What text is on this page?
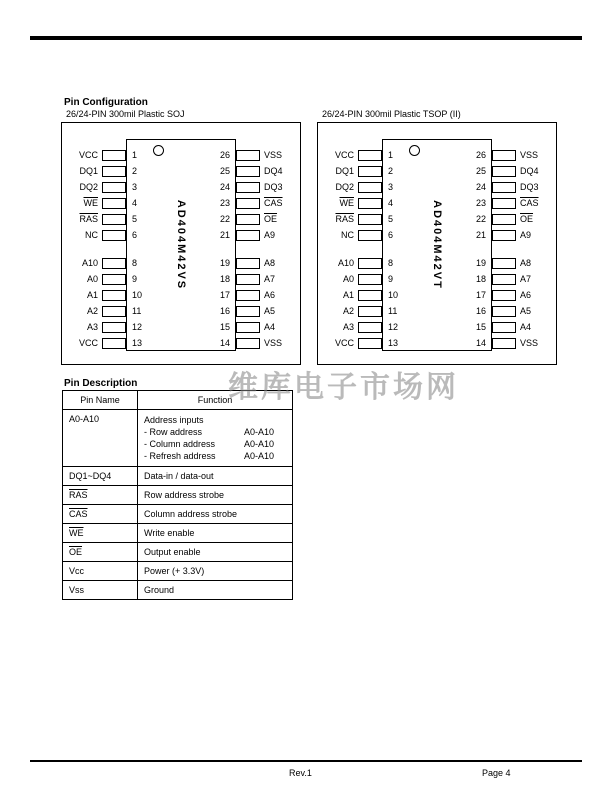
Pin Configuration
26/24-PIN 300mil Plastic SOJ
AD404M42VS
VCC	1	26	VSS
DQ1	2	25	DQ4
DQ2	3	24	DQ3
$\overline{WE}$	4	23	$\overline{CAS}$
$\overline{RAS}$	5	22	$\overline{OE}$
NC	6	21	A9
A10	8	19	A8
A0	9	18	A7
A1	10	17	A6
A2	11	16	A5
A3	12	15	A4
VCC	13	14	VSS
26/24-PIN 300mil Plastic TSOP (II)
AD404M42VT
VCC	1	26	VSS
DQ1	2	25	DQ4
DQ2	3	24	DQ3
$\overline{WE}$	4	23	$\overline{CAS}$
$\overline{RAS}$	5	22	$\overline{OE}$
NC	6	21	A9
A10	8	19	A8
A0	9	18	A7
A1	10	17	A6
A2	11	16	A5
A3	12	15	A4
VCC	13	14	VSS
Pin Description
Pin Name	Function
A0-A10	Address inputs
- Row address	A0-A10
- Column address	A0-A10
- Refresh address	A0-A10

DQ1~DQ4	Data-in / data-out
$\overline{RAS}$	Row address strobe
$\overline{CAS}$	Column address strobe
$\overline{WE}$	Write enable
$\overline{OE}$	Output enable
Vcc	Power (+ 3.3V)
Vss	Ground
维库电子市场网
Rev.1	Page 4
